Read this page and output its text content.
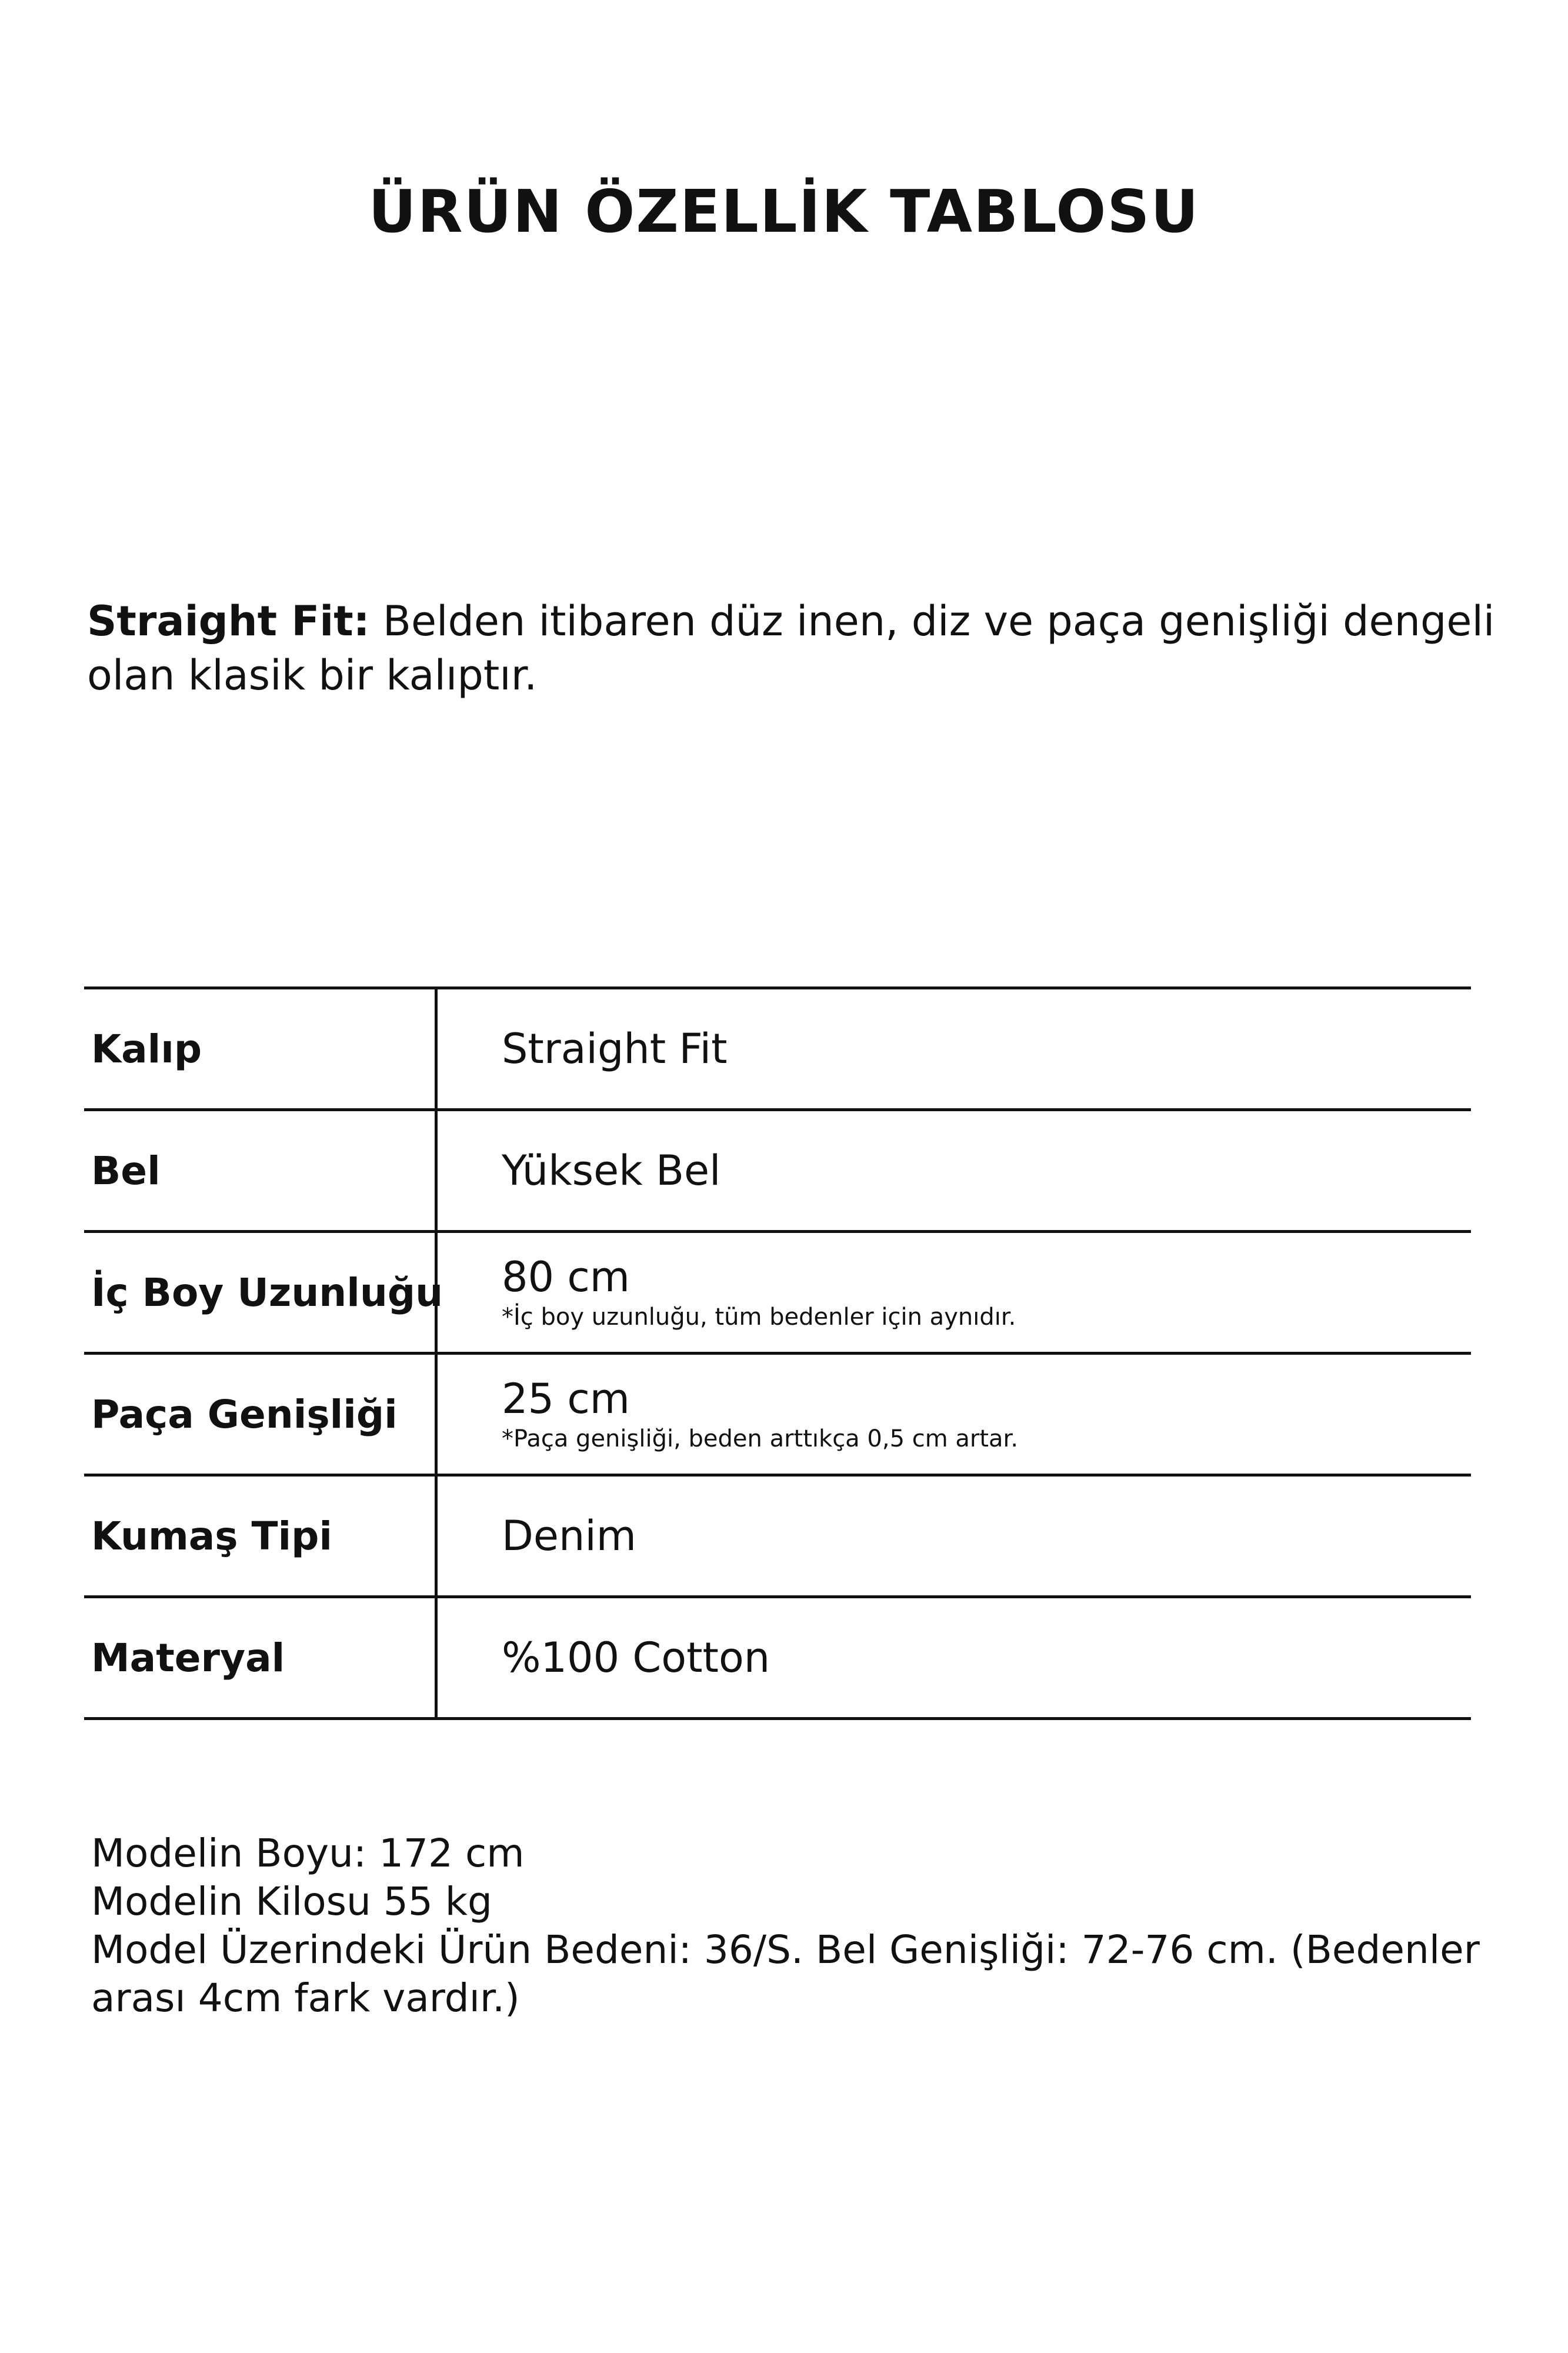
ÜRÜN ÖZELLİK TABLOSU

Straight Fit: Belden itibaren düz inen, diz ve paça genişliği dengeli olan klasik bir kalıptır.

Kalıp	Straight Fit
Bel	Yüksek Bel
İç Boy Uzunluğu 80 cm
*İç boy uzunluğu, tüm bedenler için aynıdır.
Paça Genişliği	25 cm
*Paça genişliği, beden arttıkça 0,5 cm artar.
Kumaş Tipi	Denim
Materyal	%100 Cotton
Modelin Boyu: 172 cm
Modelin Kilosu 55 kg
Model Üzerindeki Ürün Bedeni: 36/S. Bel Genişliği: 72-76 cm. (Bedenler arası 4cm fark vardır.)
